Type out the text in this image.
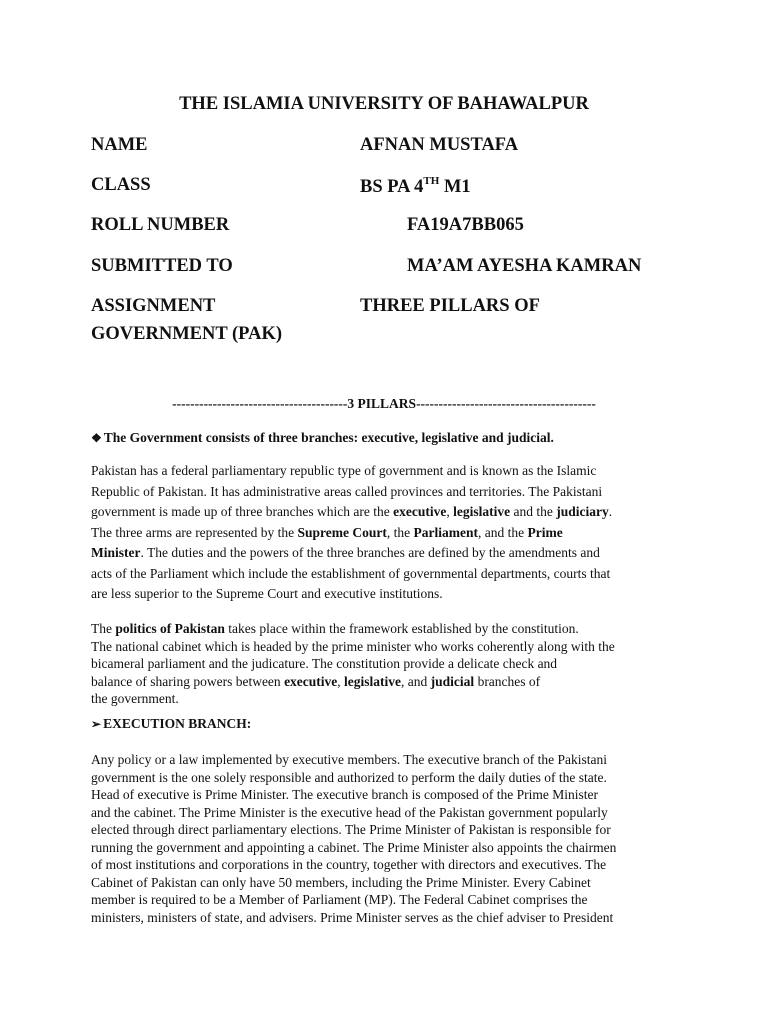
THE ISLAMIA UNIVERSITY OF BAHAWALPUR
NAME	AFNAN MUSTAFA
CLASS	BS PA 4TH M1
ROLL NUMBER	FA19A7BB065
SUBMITTED TO	MA’AM AYESHA KAMRAN
ASSIGNMENT	THREE PILLARS OF
GOVERNMENT (PAK)
---------------------------------------3 PILLARS----------------------------------------
❖ The Government consists of three branches: executive, legislative and judicial.
Pakistan has a federal parliamentary republic type of government and is known as the Islamic
Republic of Pakistan. It has administrative areas called provinces and territories. The Pakistani
government is made up of three branches which are the executive, legislative and the judiciary.
The three arms are represented by the Supreme Court, the Parliament, and the Prime
Minister. The duties and the powers of the three branches are defined by the amendments and
acts of the Parliament which include the establishment of governmental departments, courts that
are less superior to the Supreme Court and executive institutions.
The politics of Pakistan takes place within the framework established by the constitution.
The national cabinet which is headed by the prime minister who works coherently along with the
bicameral parliament and the judicature. The constitution provide a delicate check and
balance of sharing powers between executive, legislative, and judicial branches of
the government.
➢ EXECUTION BRANCH:
Any policy or a law implemented by executive members. The executive branch of the Pakistani
government is the one solely responsible and authorized to perform the daily duties of the state.
Head of executive is Prime Minister. The executive branch is composed of the Prime Minister
and the cabinet. The Prime Minister is the executive head of the Pakistan government popularly
elected through direct parliamentary elections. The Prime Minister of Pakistan is responsible for
running the government and appointing a cabinet. The Prime Minister also appoints the chairmen
of most institutions and corporations in the country, together with directors and executives. The
Cabinet of Pakistan can only have 50 members, including the Prime Minister. Every Cabinet
member is required to be a Member of Parliament (MP). The Federal Cabinet comprises the
ministers, ministers of state, and advisers. Prime Minister serves as the chief adviser to President
